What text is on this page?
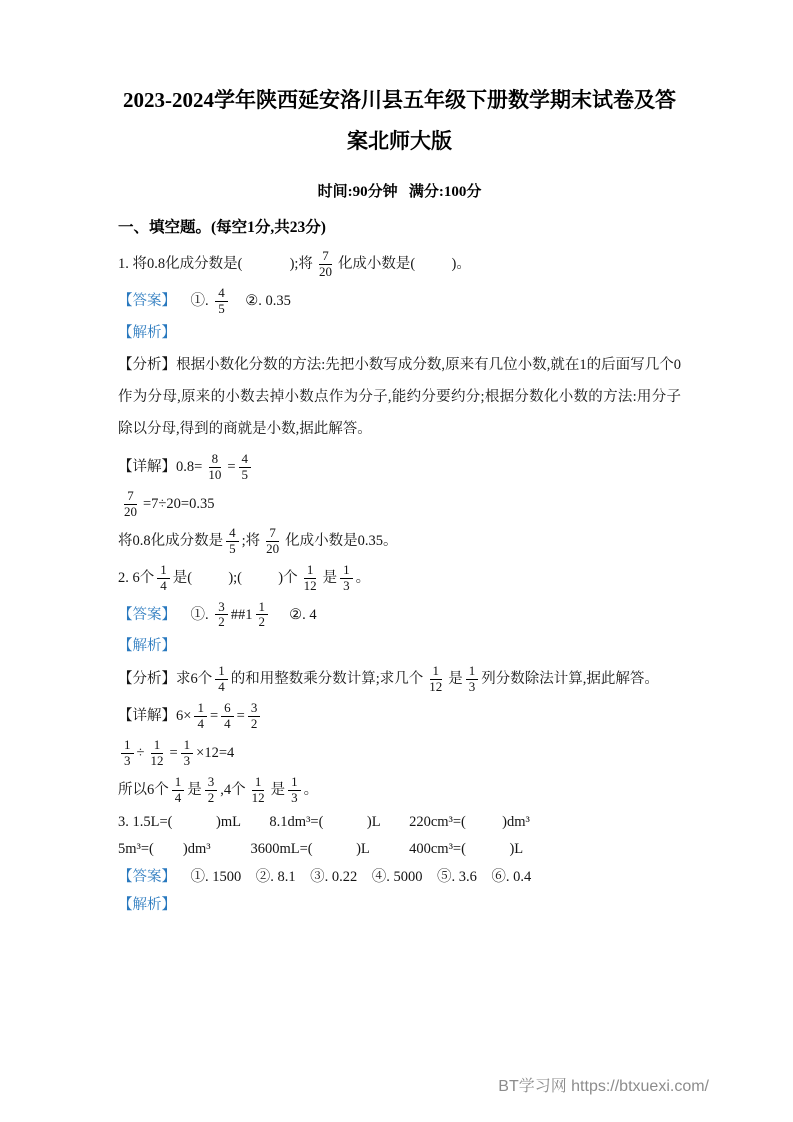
2023-2024学年陕西延安洛川县五年级下册数学期末试卷及答案北师大版

时间:90分钟   满分:100分

一、填空题。(每空1分,共23分)

1. 将0.8化成分数是(             );将 $\frac{7}{20}$ 化成小数是(          )。

【答案】    ①. $\frac{4}{5}$ ②. 0.35

【解析】

【分析】根据小数化分数的方法:先把小数写成分数,原来有几位小数,就在1的后面写几个0作为分母,原来的小数去掉小数点作为分子,能约分要约分;根据分数化小数的方法:用分子除以分母,得到的商就是小数,据此解答。

【详解】$0.8= \frac{8}{10} = \frac{4}{5}$

$\frac{7}{20} =7\div 20=0.35$

将0.8化成分数是 $\frac{4}{5}$ ;将 $\frac{7}{20}$ 化成小数是0.35。

2. 6个 $\frac{1}{4}$ 是(          );(          )个 $\frac{1}{12}$ 是 $\frac{1}{3}$ 。

【答案】    ①. $\frac{3}{2}$ ##1 $\frac{1}{2}$ ②. 4

【解析】

【分析】求6个 $\frac{1}{4}$ 的和用整数乘分数计算;求几个 $\frac{1}{12}$ 是 $\frac{1}{3}$ 列分数除法计算,据此解答。

【详解】$6\times \frac{1}{4} = \frac{6}{4} = \frac{3}{2}$

$\frac{1}{3} \div \frac{1}{12} = \frac{1}{3} \times 12=4$

所以6个 $\frac{1}{4}$ 是 $\frac{3}{2} ,4$个 $\frac{1}{12}$ 是 $\frac{1}{3}$ 。

3. 1.5L=(            )mL        8.1dm³=(            )L        220cm³=(          )dm³

5m³=(        )dm³           3600mL=(            )L           400cm³=(            )L

【答案】    ①. 1500    ②. 8.1    ③. 0.22    ④. 5000    ⑤. 3.6    ⑥. 0.4

【解析】

BT学习网 https://btxuexi.com/
